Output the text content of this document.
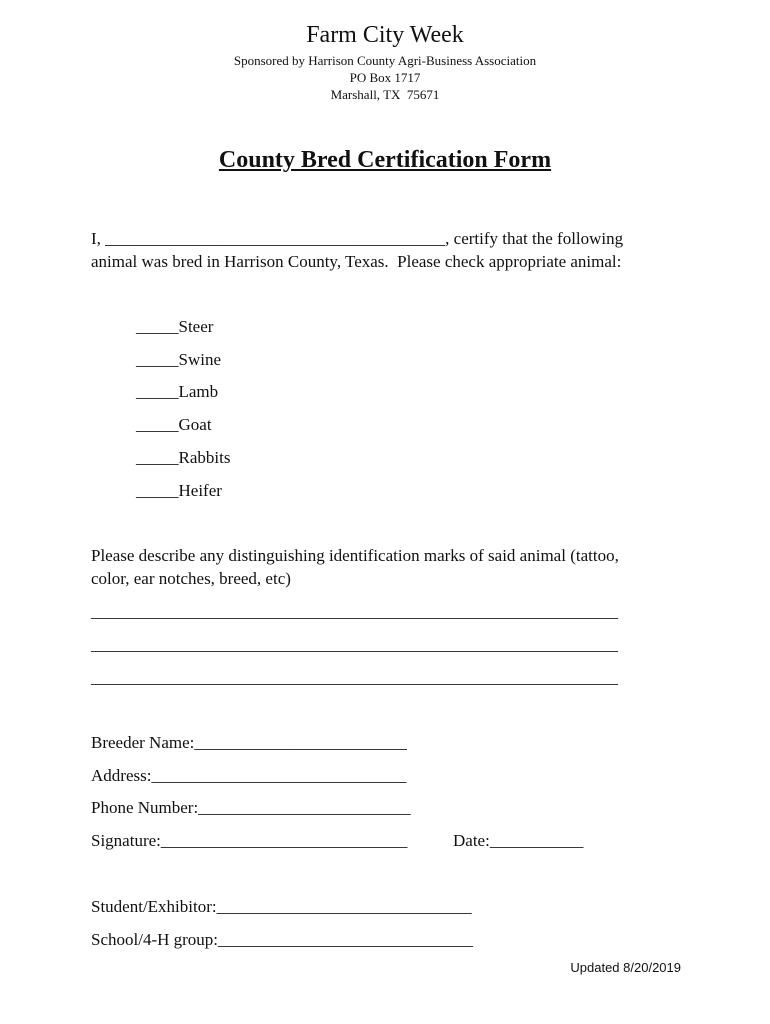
Farm City Week
Sponsored by Harrison County Agri-Business Association
PO Box 1717
Marshall, TX  75671
County Bred Certification Form
I, ________________________________________, certify that the following
animal was bred in Harrison County, Texas.  Please check appropriate animal:
_____Steer
_____Swine
_____Lamb
_____Goat
_____Rabbits
_____Heifer
Please describe any distinguishing identification marks of said animal (tattoo,
color, ear notches, breed, etc)
______________________________________________________________
______________________________________________________________
______________________________________________________________
Breeder Name:_________________________
Address:______________________________
Phone Number:_________________________
Signature:_____________________________	Date:___________
Student/Exhibitor:______________________________
School/4-H group:______________________________
Updated 8/20/2019
